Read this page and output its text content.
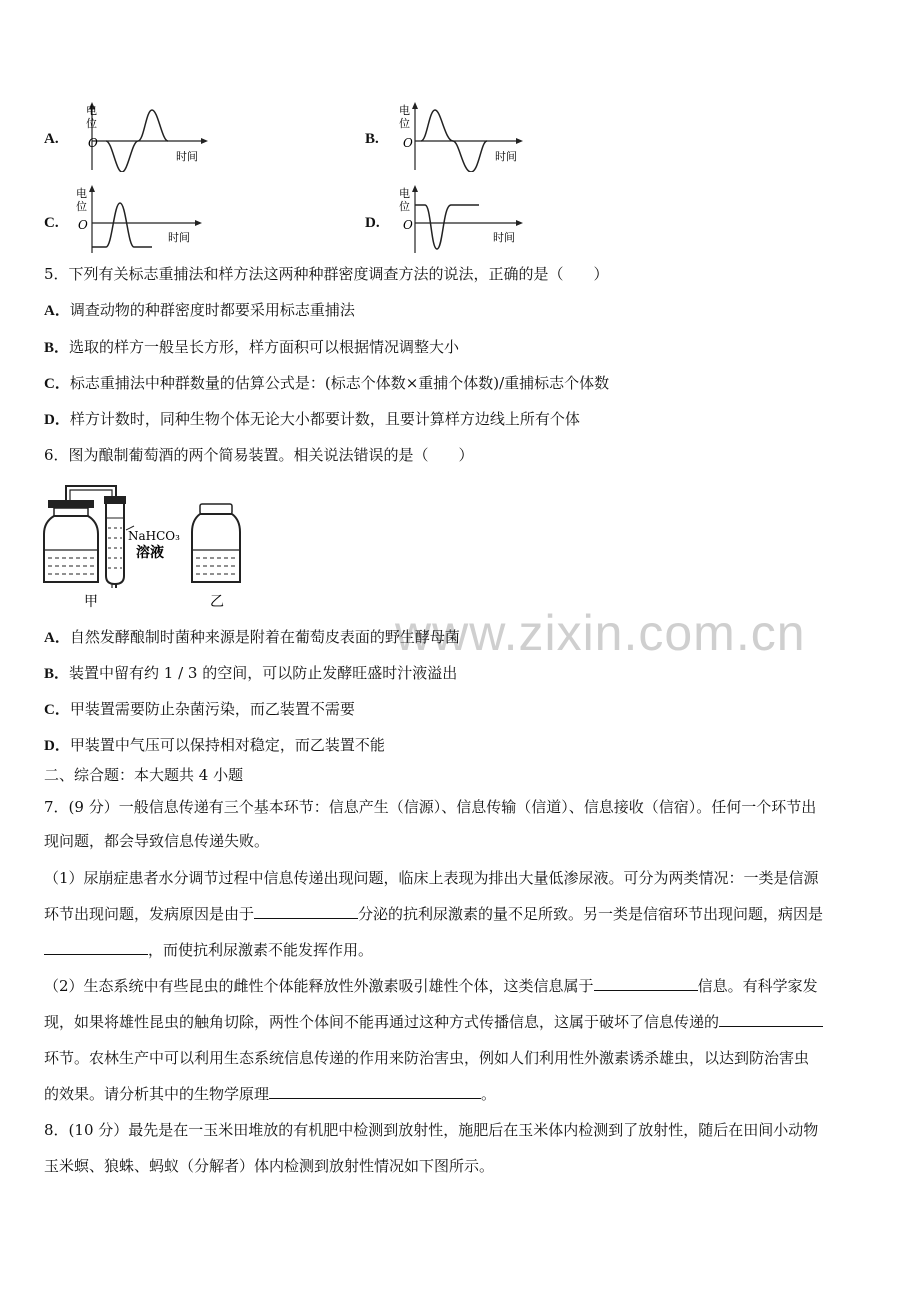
www.zixin.com.cn
A.
电
位
O
时间
B.
电
位
O
时间
C.
电
位
O
时间
D.
电
位
O
时间
5．下列有关标志重捕法和样方法这两种种群密度调查方法的说法，正确的是（　　）
A．调查动物的种群密度时都要采用标志重捕法
B．选取的样方一般呈长方形，样方面积可以根据情况调整大小
C．标志重捕法中种群数量的估算公式是：(标志个体数×重捕个体数)/重捕标志个体数
D．样方计数时，同种生物个体无论大小都要计数，且要计算样方边线上所有个体
6．图为酿制葡萄酒的两个简易装置。相关说法错误的是（　　）
NaHCO₃
溶液
甲	乙
A．自然发酵酿制时菌种来源是附着在葡萄皮表面的野生酵母菌
B．装置中留有约 1 / 3 的空间，可以防止发酵旺盛时汁液溢出
C．甲装置需要防止杂菌污染，而乙装置不需要
D．甲装置中气压可以保持相对稳定，而乙装置不能
二、综合题：本大题共 4 小题
7．(9 分）一般信息传递有三个基本环节：信息产生（信源）、信息传输（信道）、信息接收（信宿）。任何一个环节出
现问题，都会导致信息传递失败。
（1）尿崩症患者水分调节过程中信息传递出现问题，临床上表现为排出大量低渗尿液。可分为两类情况：一类是信源
环节出现问题，发病原因是由于	分泌的抗利尿激素的量不足所致。另一类是信宿环节出现问题，病因是
，而使抗利尿激素不能发挥作用。
（2）生态系统中有些昆虫的雌性个体能释放性外激素吸引雄性个体，这类信息属于	信息。有科学家发
现，如果将雄性昆虫的触角切除，两性个体间不能再通过这种方式传播信息，这属于破坏了信息传递的
环节。农林生产中可以利用生态系统信息传递的作用来防治害虫，例如人们利用性外激素诱杀雄虫，以达到防治害虫
的效果。请分析其中的生物学原理	。
8．(10 分）最先是在一玉米田堆放的有机肥中检测到放射性，施肥后在玉米体内检测到了放射性，随后在田间小动物
玉米螟、狼蛛、蚂蚁（分解者）体内检测到放射性情况如下图所示。
